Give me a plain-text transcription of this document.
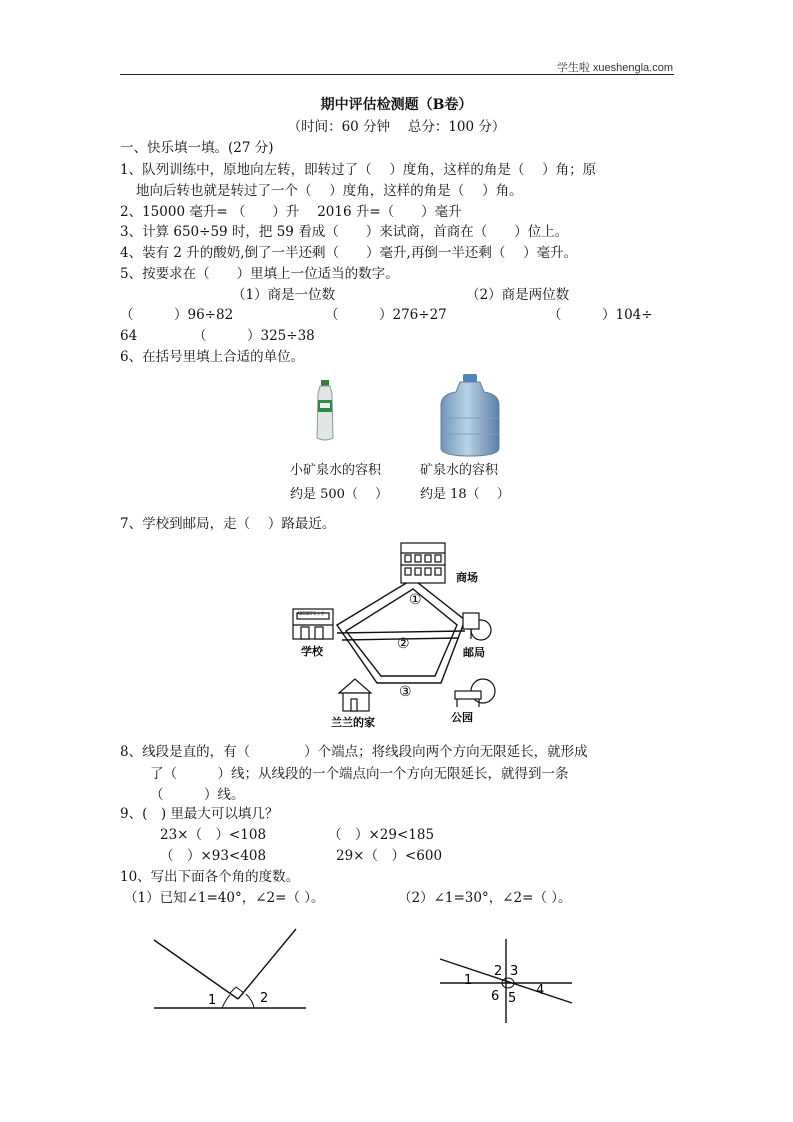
学生啦 xueshengla.com
期中评估检测题（B卷）
（时间：60 分钟　 总分：100 分）
一、快乐填一填。(27 分)
1、队列训练中，原地向左转，即转过了（　 ）度角，这样的角是（　 ）角；原
地向后转也就是转过了一个（　 ）度角，这样的角是（　 ）角。
2、15000 毫升= （　　）升　 2016 升=（　　）毫升
3、计算 650÷59 时，把 59 看成（　　）来试商，首商在（　　）位上。
4、装有 2 升的酸奶,倒了一半还剩（　　）毫升,再倒一半还剩（　 ）毫升。
5、按要求在（　　）里填上一位适当的数字。
（1）商是一位数	（2）商是两位数
（　　　）96÷82	（　　　）276÷27	（　　　）104÷
64	（　　　）325÷38
6、在括号里填上合适的单位。
小矿泉水的容积
约是 500（　 ）
矿泉水的容积
约是 18（　 ）
7、学校到邮局，走（　 ）路最近。
商场
学校	邮局
兰兰的家	公园
①
②
③
ABCDEFG小学
8、线段是直的，有（　　　　）个端点；将线段向两个方向无限延长，就形成
了（　　　）线；从线段的一个端点向一个方向无限延长，就得到一条
（　　　）线。
9、(　) 里最大可以填几？
23×（　）<108	（　）×29<185
（　）×93<408	29×（　）<600
10、写出下面各个角的度数。
（1）已知∠1=40°，∠2=（ ）。	（2）∠1=30°，∠2=（ ）。
1	2
2 3
1
4
6 5
